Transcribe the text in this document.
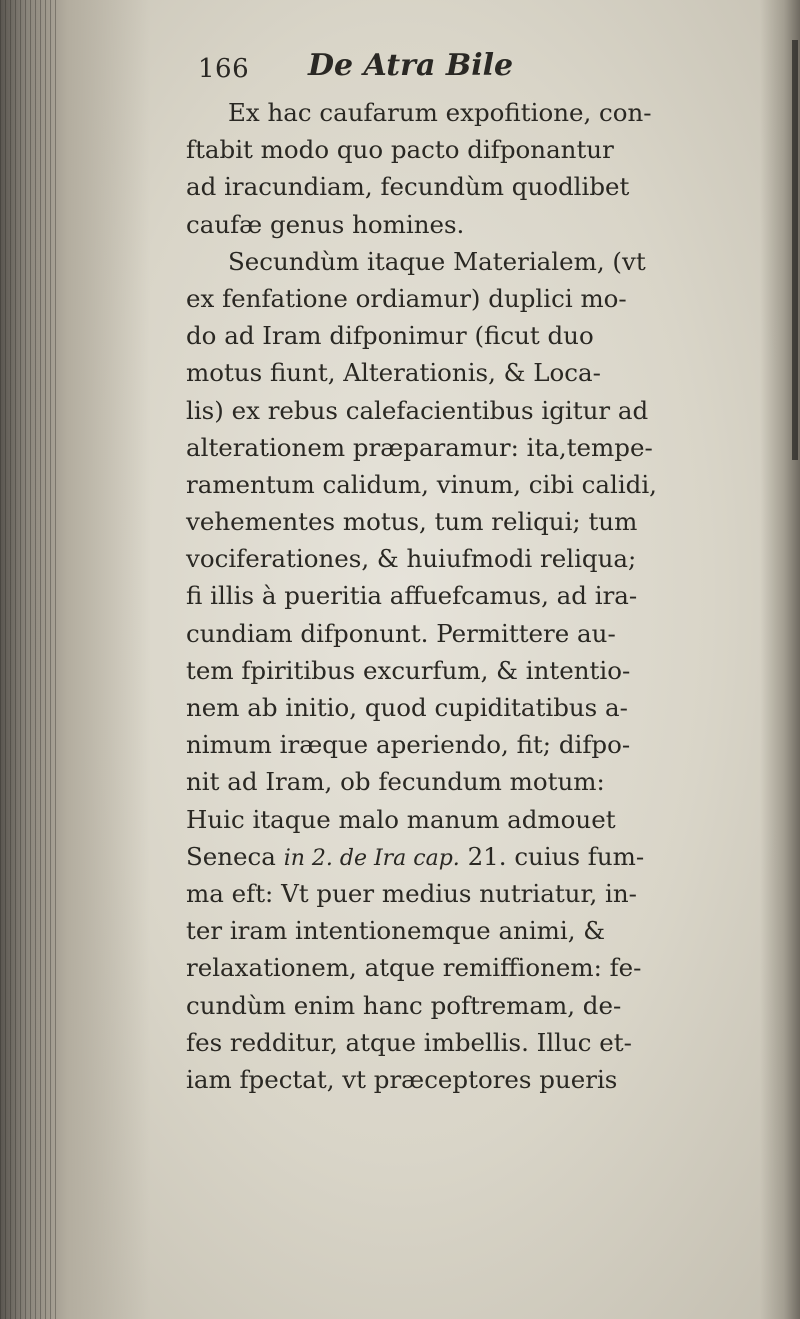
166 De Atra Bile
Ex hac caufarum expofitione, con-
ftabit modo quo pacto difponantur
ad iracundiam, fecundùm quodlibet
caufæ genus homines.
Secundùm itaque Materialem, (vt
ex fenfatione ordiamur) duplici mo-
do ad Iram difponimur (ficut duo
motus fiunt, Alterationis, & Loca-
lis) ex rebus calefacientibus igitur ad
alterationem præparamur: ita,tempe-
ramentum calidum, vinum, cibi calidi,
vehementes motus, tum reliqui; tum
vociferationes, & huiufmodi reliqua;
fi illis à pueritia affuefcamus, ad ira-
cundiam difponunt. Permittere au-
tem fpiritibus excurfum, & intentio-
nem ab initio, quod cupiditatibus a-
nimum iræque aperiendo, fit; difpo-
nit ad Iram, ob fecundum motum:
Huic itaque malo manum admouet
Seneca in 2. de Ira cap. 21. cuius fum-
ma eft: Vt puer medius nutriatur, in-
ter iram intentionemque animi, &
relaxationem, atque remiffionem: fe-
cundùm enim hanc poftremam, de-
fes redditur, atque imbellis. Illuc et-
iam fpectat, vt præceptores pueris
